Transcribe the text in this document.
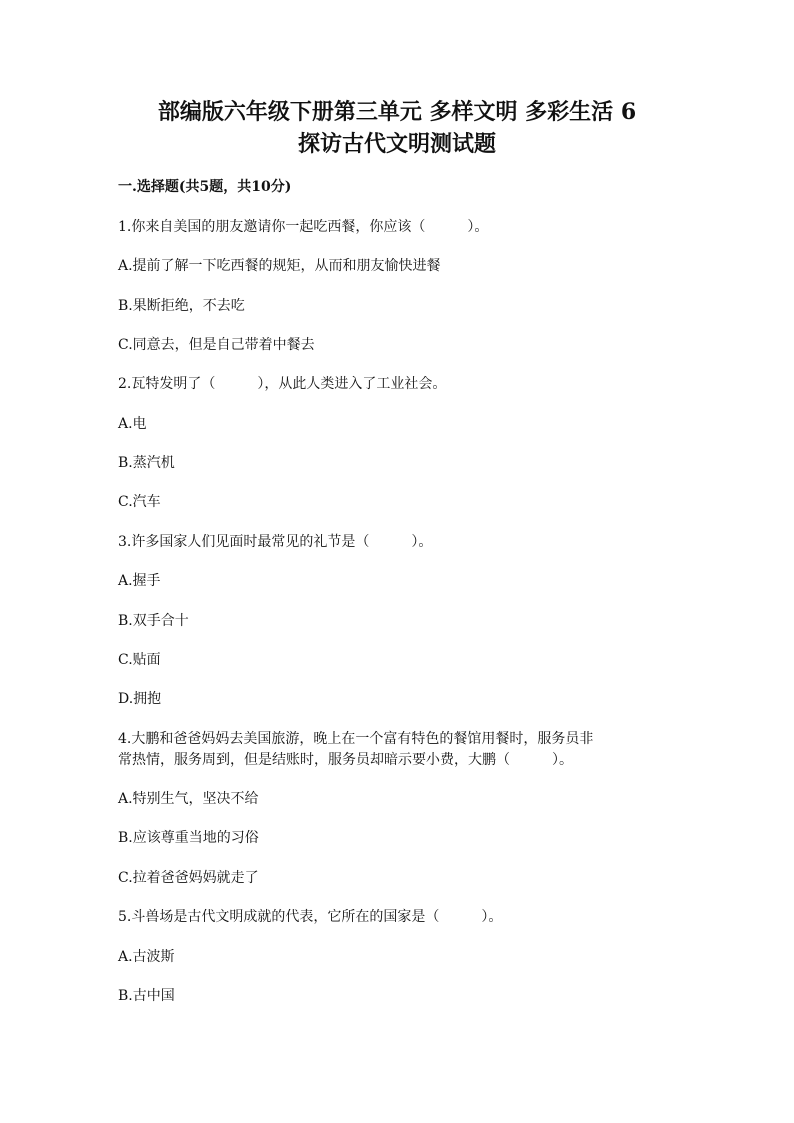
部编版六年级下册第三单元 多样文明 多彩生活 6
探访古代文明测试题
一.选择题(共5题，共10分)
1.你来自美国的朋友邀请你一起吃西餐，你应该（　　　）。
A.提前了解一下吃西餐的规矩，从而和朋友愉快进餐
B.果断拒绝，不去吃
C.同意去，但是自己带着中餐去
2.瓦特发明了（　　　），从此人类进入了工业社会。
A.电
B.蒸汽机
C.汽车
3.许多国家人们见面时最常见的礼节是（　　　）。
A.握手
B.双手合十
C.贴面
D.拥抱
4.大鹏和爸爸妈妈去美国旅游，晚上在一个富有特色的餐馆用餐时，服务员非
常热情，服务周到，但是结账时，服务员却暗示要小费，大鹏（　　　）。
A.特别生气，坚决不给
B.应该尊重当地的习俗
C.拉着爸爸妈妈就走了
5.斗兽场是古代文明成就的代表，它所在的国家是（　　　）。
A.古波斯
B.古中国
